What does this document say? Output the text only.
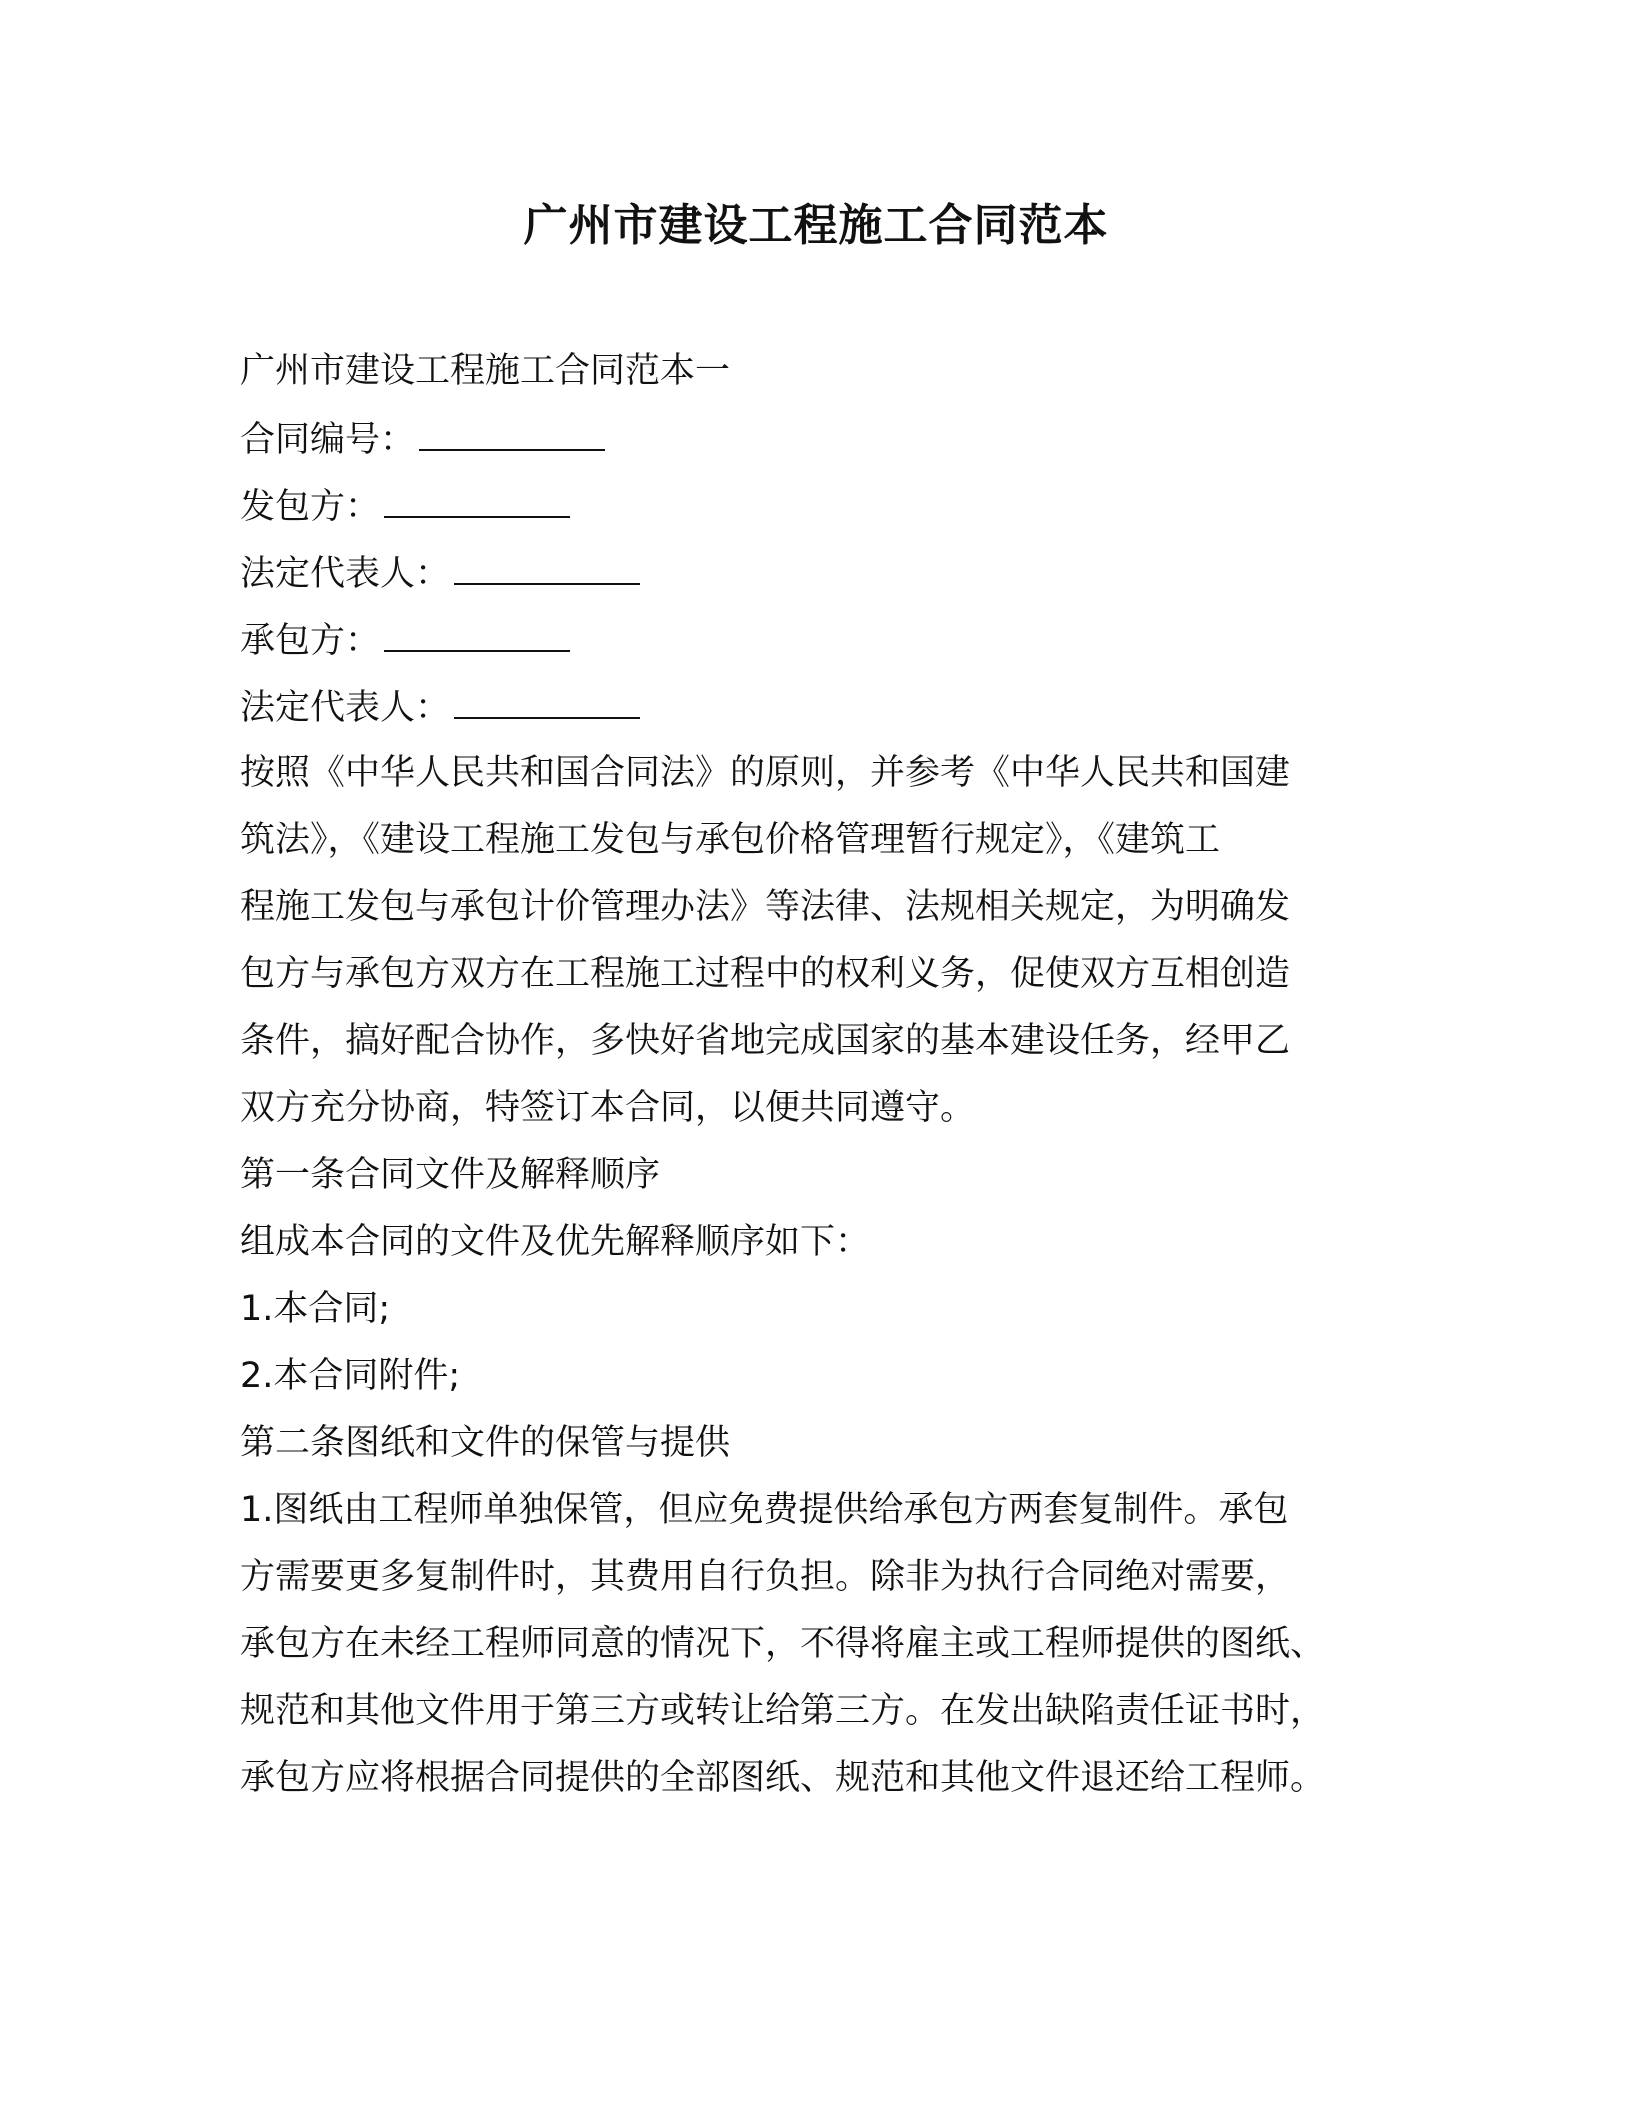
广州市建设工程施工合同范本
广州市建设工程施工合同范本一
合同编号：
发包方：
法定代表人：
承包方：
法定代表人：
按照《中华人民共和国合同法》的原则，并参考《中华人民共和国建
筑法》，《建设工程施工发包与承包价格管理暂行规定》，《建筑工
程施工发包与承包计价管理办法》等法律、法规相关规定，为明确发
包方与承包方双方在工程施工过程中的权利义务，促使双方互相创造
条件，搞好配合协作，多快好省地完成国家的基本建设任务，经甲乙
双方充分协商，特签订本合同，以便共同遵守。
第一条合同文件及解释顺序
组成本合同的文件及优先解释顺序如下：
1.本合同;
2.本合同附件;
第二条图纸和文件的保管与提供
1.图纸由工程师单独保管，但应免费提供给承包方两套复制件。承包
方需要更多复制件时，其费用自行负担。除非为执行合同绝对需要，
承包方在未经工程师同意的情况下，不得将雇主或工程师提供的图纸、
规范和其他文件用于第三方或转让给第三方。在发出缺陷责任证书时，
承包方应将根据合同提供的全部图纸、规范和其他文件退还给工程师。
